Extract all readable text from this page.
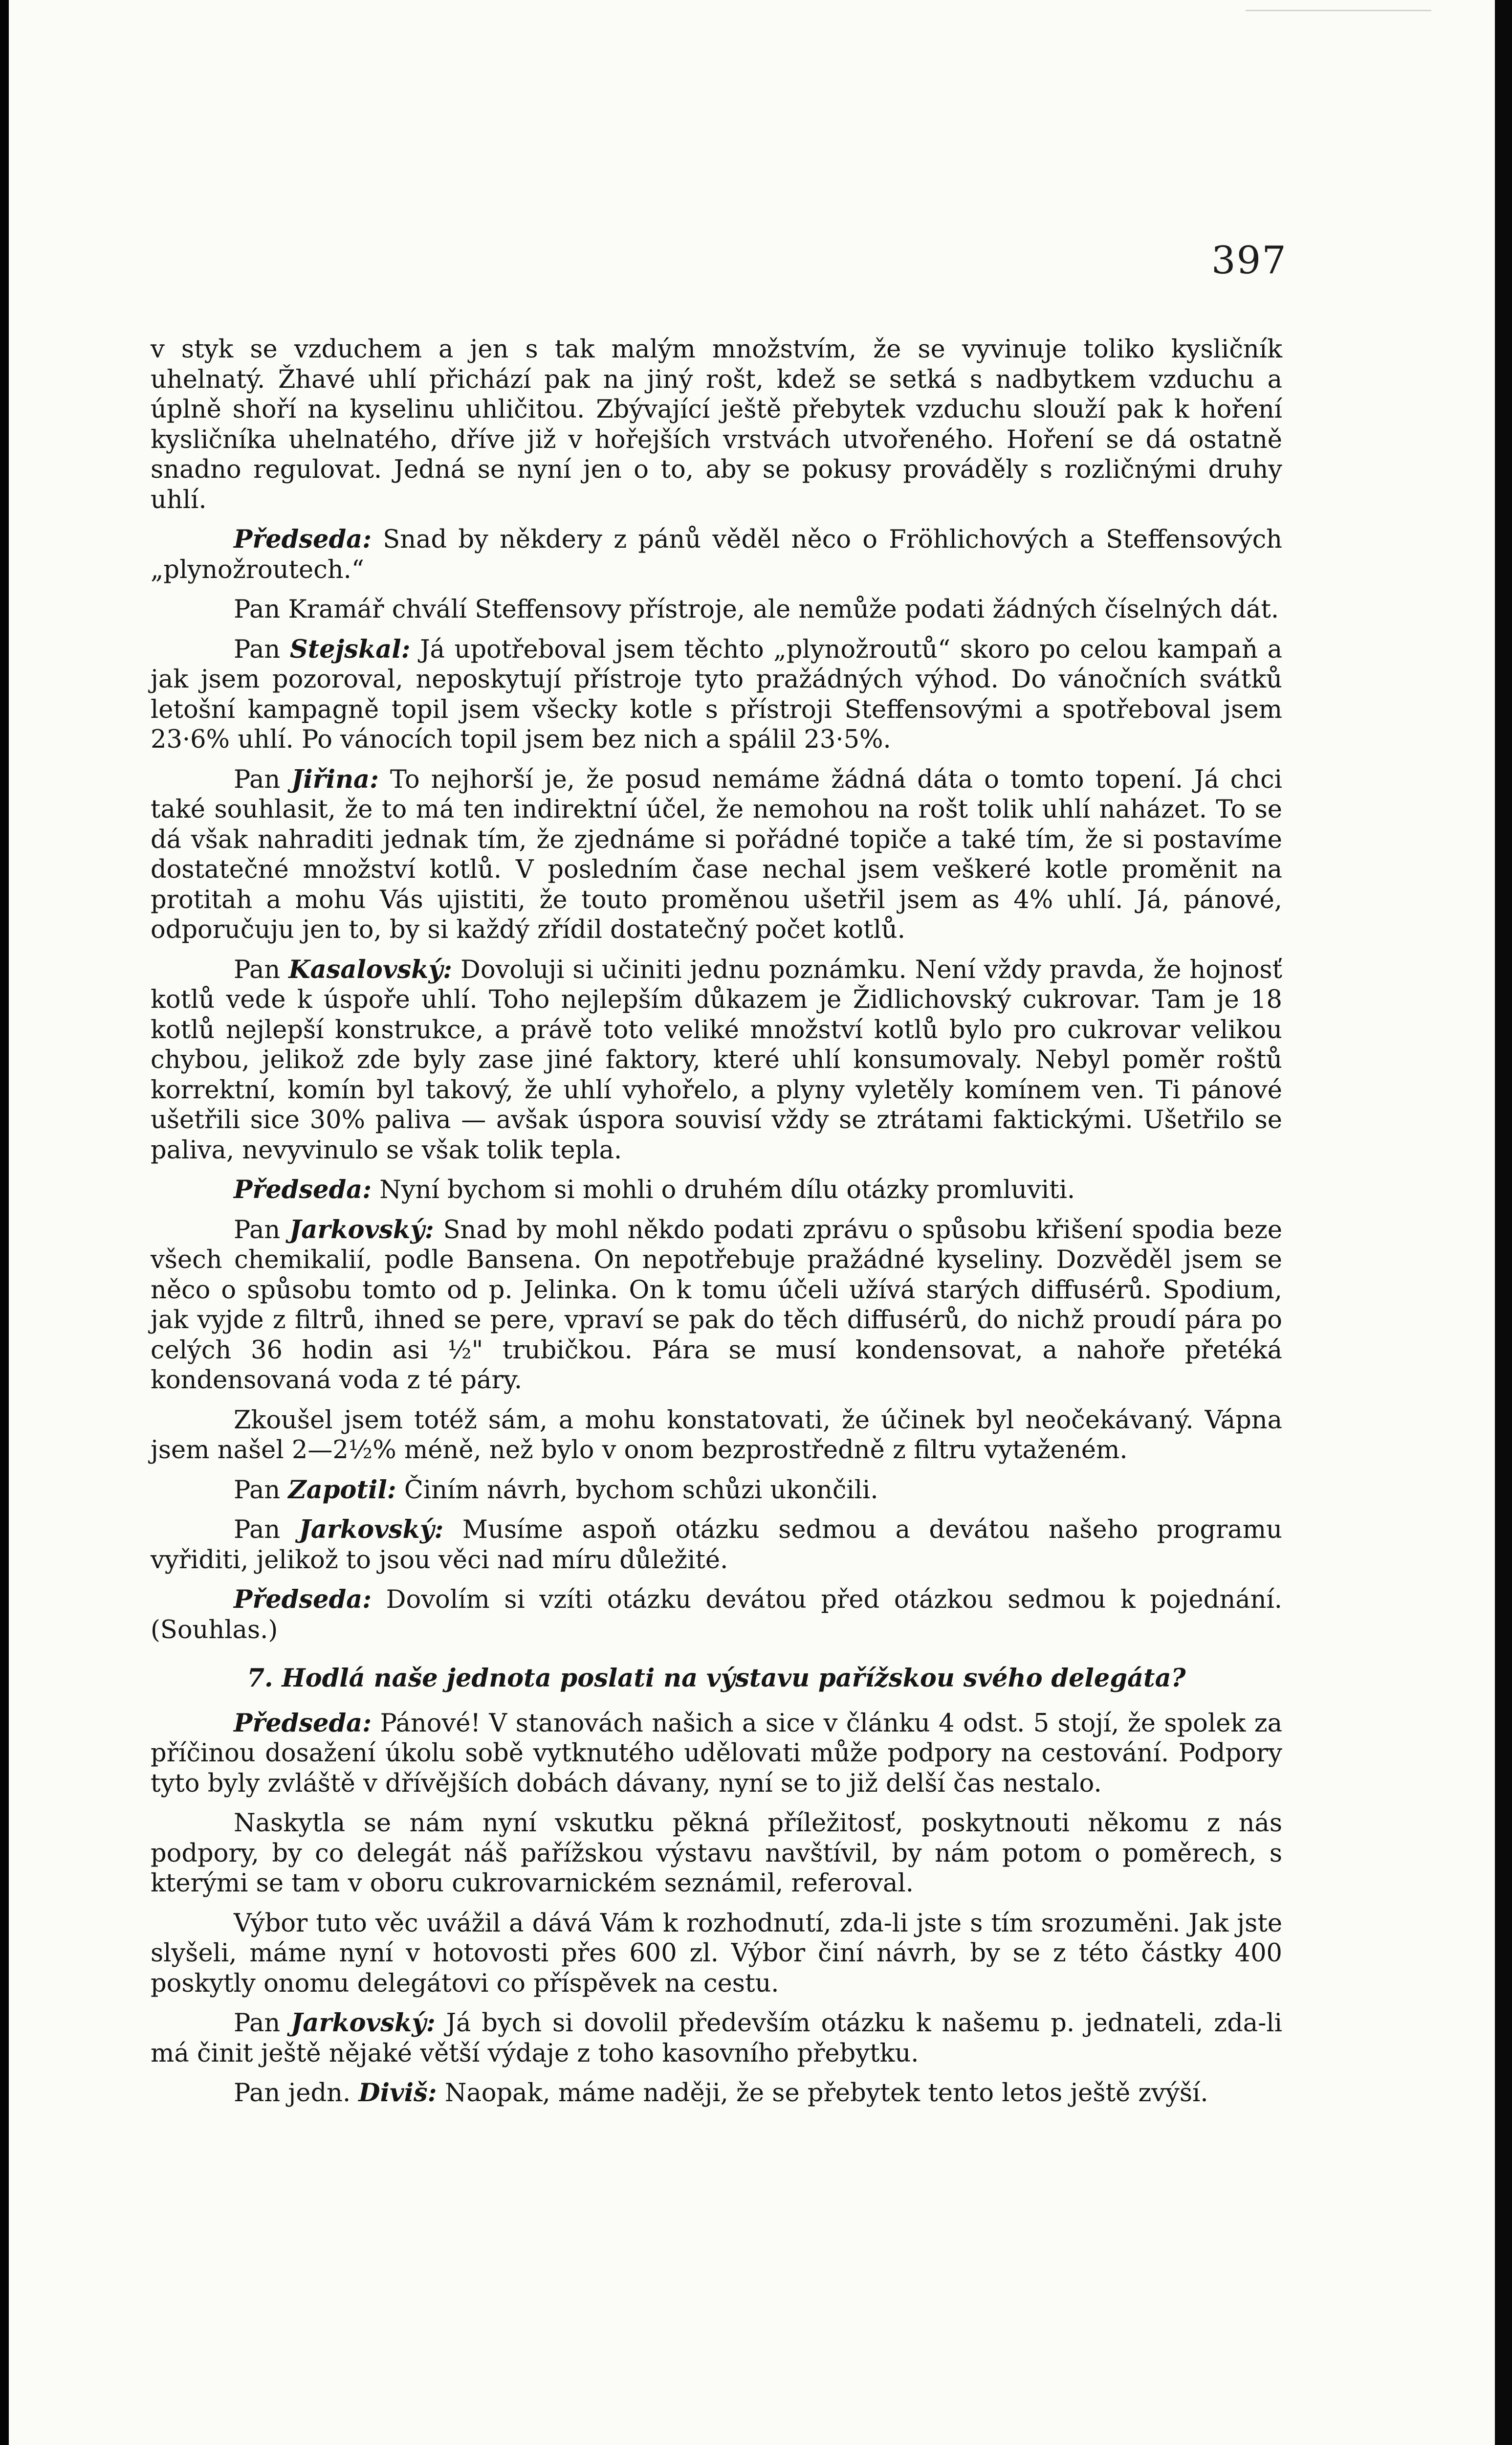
397

v styk se vzduchem a jen s tak malým množstvím, že se vyvinuje toliko kysličník uhelnatý. Žhavé uhlí přichází pak na jiný rošt, kdež se setká s nadbytkem vzduchu a úplně shoří na kyselinu uhličitou. Zbývající ještě přebytek vzduchu slouží pak k hoření kysličníka uhelnatého, dříve již v hořejších vrstvách utvořeného. Hoření se dá ostatně snadno regulovat. Jedná se nyní jen o to, aby se pokusy prováděly s rozličnými druhy uhlí.

Předseda: Snad by někdery z pánů věděl něco o Fröhlichových a Steffensových „plynožroutech.“

Pan Kramář chválí Steffensovy přístroje, ale nemůže podati žádných číselných dát.

Pan Stejskal: Já upotřeboval jsem těchto „plynožroutů“ skoro po celou kampaň a jak jsem pozoroval, neposkytují přístroje tyto pražádných výhod. Do vánočních svátků letošní kampagně topil jsem všecky kotle s přístroji Steffensovými a spotřeboval jsem 23·6% uhlí. Po vánocích topil jsem bez nich a spálil 23·5%.

Pan Jiřina: To nejhorší je, že posud nemáme žádná dáta o tomto topení. Já chci také souhlasit, že to má ten indirektní účel, že nemohou na rošt tolik uhlí naházet. To se dá však nahraditi jednak tím, že zjednáme si pořádné topiče a také tím, že si postavíme dostatečné množství kotlů. V posledním čase nechal jsem veškeré kotle proměnit na protitah a mohu Vás ujistiti, že touto proměnou ušetřil jsem as 4% uhlí. Já, pánové, odporučuju jen to, by si každý zřídil dostatečný počet kotlů.

Pan Kasalovský: Dovoluji si učiniti jednu poznámku. Není vždy pravda, že hojnosť kotlů vede k úspoře uhlí. Toho nejlepším důkazem je Židlichovský cukrovar. Tam je 18 kotlů nejlepší konstrukce, a právě toto veliké množství kotlů bylo pro cukrovar velikou chybou, jelikož zde byly zase jiné faktory, které uhlí konsumovaly. Nebyl poměr roštů korrektní, komín byl takový, že uhlí vyhořelo, a plyny vyletěly komínem ven. Ti pánové ušetřili sice 30% paliva — avšak úspora souvisí vždy se ztrátami faktickými. Ušetřilo se paliva, nevyvinulo se však tolik tepla.

Předseda: Nyní bychom si mohli o druhém dílu otázky promluviti.

Pan Jarkovský: Snad by mohl někdo podati zprávu o spůsobu křišení spodia beze všech chemikalií, podle Bansena. On nepotřebuje pražádné kyseliny. Dozvěděl jsem se něco o spůsobu tomto od p. Jelinka. On k tomu účeli užívá starých diffusérů. Spodium, jak vyjde z filtrů, ihned se pere, vpraví se pak do těch diffusérů, do nichž proudí pára po celých 36 hodin asi ½" trubičkou. Pára se musí kondensovat, a nahoře přetéká kondensovaná voda z té páry.

Zkoušel jsem totéž sám, a mohu konstatovati, že účinek byl neočekávaný. Vápna jsem našel 2—2½% méně, než bylo v onom bezprostředně z filtru vytaženém.

Pan Zapotil: Činím návrh, bychom schůzi ukončili.

Pan Jarkovský: Musíme aspoň otázku sedmou a devátou našeho programu vyřiditi, jelikož to jsou věci nad míru důležité.

Předseda: Dovolím si vzíti otázku devátou před otázkou sedmou k pojednání. (Souhlas.)

7. Hodlá naše jednota poslati na výstavu pařížskou svého delegáta?

Předseda: Pánové! V stanovách našich a sice v článku 4 odst. 5 stojí, že spolek za příčinou dosažení úkolu sobě vytknutého udělovati může podpory na cestování. Podpory tyto byly zvláště v dřívějších dobách dávany, nyní se to již delší čas nestalo.

Naskytla se nám nyní vskutku pěkná příležitosť, poskytnouti někomu z nás podpory, by co delegát náš pařížskou výstavu navštívil, by nám potom o poměrech, s kterými se tam v oboru cukrovarnickém seznámil, referoval.

Výbor tuto věc uvážil a dává Vám k rozhodnutí, zda-li jste s tím srozuměni. Jak jste slyšeli, máme nyní v hotovosti přes 600 zl. Výbor činí návrh, by se z této částky 400 poskytly onomu delegátovi co příspěvek na cestu.

Pan Jarkovský: Já bych si dovolil především otázku k našemu p. jednateli, zda-li má činit ještě nějaké větší výdaje z toho kasovního přebytku.

Pan jedn. Diviš: Naopak, máme naději, že se přebytek tento letos ještě zvýší.
